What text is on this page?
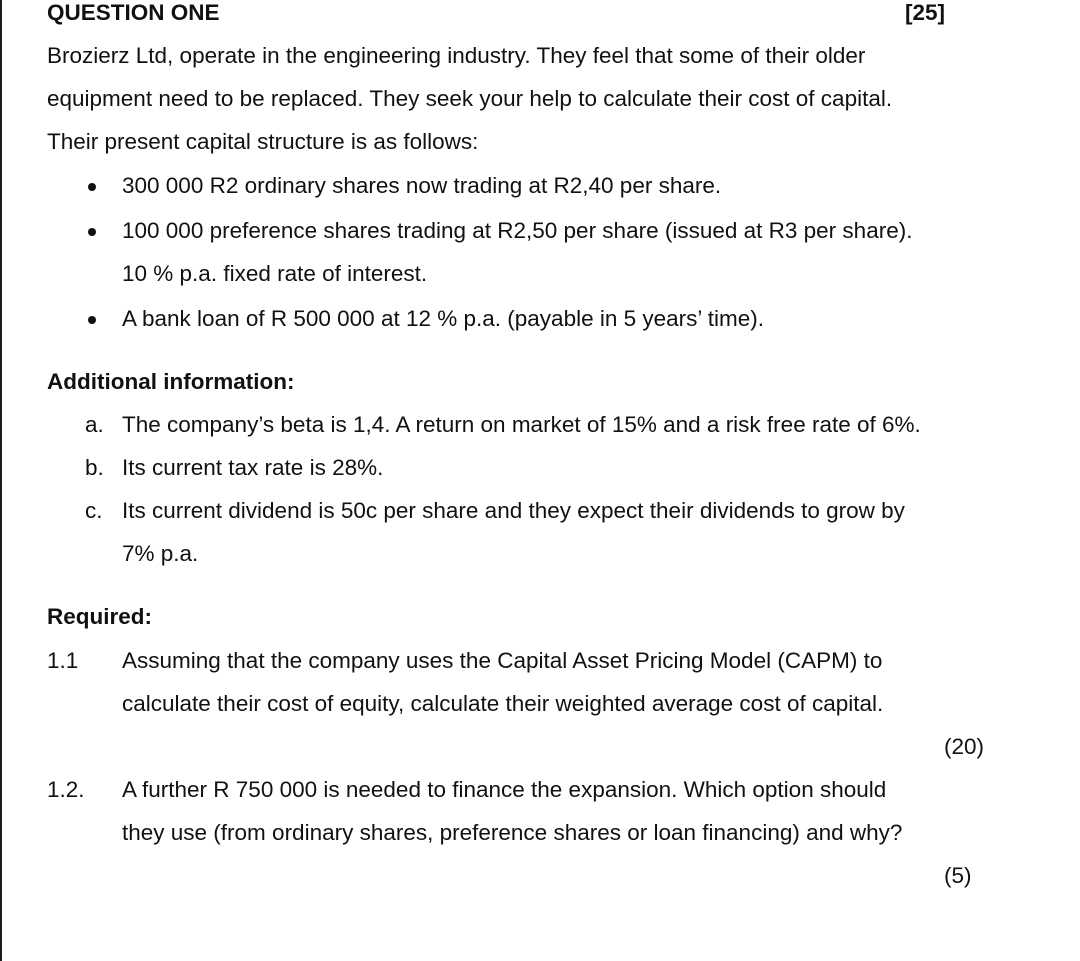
QUESTION ONE	[25]
Brozierz Ltd, operate in the engineering industry. They feel that some of their older
equipment need to be replaced. They seek your help to calculate their cost of capital.
Their present capital structure is as follows:
300 000 R2 ordinary shares now trading at R2,40 per share.
100 000 preference shares trading at R2,50 per share (issued at R3 per share).
10 % p.a. fixed rate of interest.
A bank loan of R 500 000 at 12 % p.a. (payable in 5 years’ time).
Additional information:
a. The company’s beta is 1,4. A return on market of 15% and a risk free rate of 6%.
b. Its current tax rate is 28%.
c. Its current dividend is 50c per share and they expect their dividends to grow by
7% p.a.
Required:
1.1 Assuming that the company uses the Capital Asset Pricing Model (CAPM) to
calculate their cost of equity, calculate their weighted average cost of capital.
(20)
1.2. A further R 750 000 is needed to finance the expansion. Which option should
they use (from ordinary shares, preference shares or loan financing) and why?
(5)
